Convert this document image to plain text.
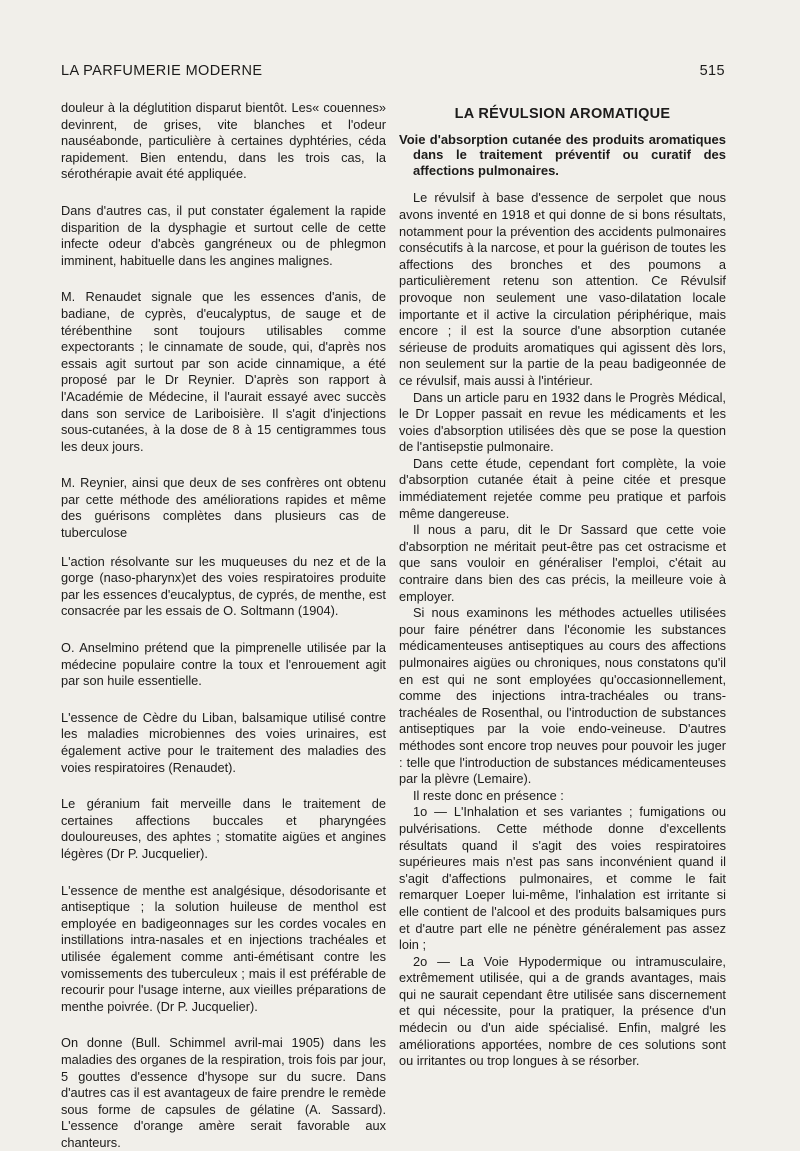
LA PARFUMERIE MODERNE	515

douleur à la déglutition disparut bientôt. Les« couennes» devinrent, de grises, vite blanches et l'odeur nauséabonde, particulière à certaines dyphtéries, céda rapidement. Bien entendu, dans les trois cas, la sérothérapie avait été appliquée.

Dans d'autres cas, il put constater également la rapide disparition de la dysphagie et surtout celle de cette infecte odeur d'abcès gangréneux ou de phlegmon imminent, habituelle dans les angines malignes.

M. Renaudet signale que les essences d'anis, de badiane, de cyprès, d'eucalyptus, de sauge et de térébenthine sont toujours utilisables comme expectorants ; le cinnamate de soude, qui, d'après nos essais agit surtout par son acide cinnamique, a été proposé par le Dr Reynier. D'après son rapport à l'Académie de Médecine, il l'aurait essayé avec succès dans son service de Lariboisière. Il s'agit d'injections sous-cutanées, à la dose de 8 à 15 centigrammes tous les deux jours.

M. Reynier, ainsi que deux de ses confrères ont obtenu par cette méthode des améliorations rapides et même des guérisons complètes dans plusieurs cas de tuberculose

L'action résolvante sur les muqueuses du nez et de la gorge (naso-pharynx)et des voies respiratoires produite par les essences d'eucalyptus, de cyprés, de menthe, est consacrée par les essais de O. Soltmann (1904).

O. Anselmino prétend que la pimprenelle utilisée par la médecine populaire contre la toux et l'enrouement agit par son huile essentielle.

L'essence de Cèdre du Liban, balsamique utilisé contre les maladies microbiennes des voies urinaires, est également active pour le traitement des maladies des voies respiratoires (Renaudet).

Le géranium fait merveille dans le traitement de certaines affections buccales et pharyngées douloureuses, des aphtes ; stomatite aigües et angines légères (Dr P. Jucquelier).

L'essence de menthe est analgésique, désodorisante et antiseptique ; la solution huileuse de menthol est employée en badigeonnages sur les cordes vocales en instillations intra-nasales et en injections trachéales et utilisée également comme anti-émétisant contre les vomissements des tuberculeux ; mais il est préférable de recourir pour l'usage interne, aux vieilles préparations de menthe poivrée. (Dr P. Jucquelier).

On donne (Bull. Schimmel avril-mai 1905) dans les maladies des organes de la respiration, trois fois par jour, 5 gouttes d'essence d'hysope sur du sucre. Dans d'autres cas il est avantageux de faire prendre le remède sous forme de capsules de gélatine (A. Sassard). L'essence d'orange amère serait favorable aux chanteurs.

LA RÉVULSION AROMATIQUE
Voie d'absorption cutanée des produits aromatiques dans le traitement préventif ou curatif des affections pulmonaires.

Le révulsif à base d'essence de serpolet que nous avons inventé en 1918 et qui donne de si bons résultats, notamment pour la prévention des accidents pulmonaires consécutifs à la narcose, et pour la guérison de toutes les affections des bronches et des poumons a particulièrement retenu son attention. Ce Révulsif provoque non seulement une vaso-dilatation locale importante et il active la circulation périphérique, mais encore ; il est la source d'une absorption cutanée sérieuse de produits aromatiques qui agissent dès lors, non seulement sur la partie de la peau badigeonnée de ce révulsif, mais aussi à l'intérieur.

Dans un article paru en 1932 dans le Progrès Médical, le Dr Lopper passait en revue les médicaments et les voies d'absorption utilisées dès que se pose la question de l'antisepstie pulmonaire.

Dans cette étude, cependant fort complète, la voie d'absorption cutanée était à peine citée et presque immédiatement rejetée comme peu pratique et parfois même dangereuse.

Il nous a paru, dit le Dr Sassard que cette voie d'absorption ne méritait peut-être pas cet ostracisme et que sans vouloir en généraliser l'emploi, c'était au contraire dans bien des cas précis, la meilleure voie à employer.

Si nous examinons les méthodes actuelles utilisées pour faire pénétrer dans l'économie les substances médicamenteuses antiseptiques au cours des affections pulmonaires aigües ou chroniques, nous constatons qu'il en est qui ne sont employées qu'occasionnellement, comme des injections intra-trachéales ou trans-trachéales de Rosenthal, ou l'introduction de substances antiseptiques par la voie endo-veineuse. D'autres méthodes sont encore trop neuves pour pouvoir les juger : telle que l'introduction de substances médicamenteuses par la plèvre (Lemaire).

Il reste donc en présence :

1o — L'Inhalation et ses variantes ; fumigations ou pulvérisations. Cette méthode donne d'excellents résultats quand il s'agit des voies respiratoires supérieures mais n'est pas sans inconvénient quand il s'agit d'affections pulmonaires, et comme le fait remarquer Loeper lui-même, l'inhalation est irritante si elle contient de l'alcool et des produits balsamiques purs et d'autre part elle ne pénètre généralement pas assez loin ;

2o — La Voie Hypodermique ou intramusculaire, extrêmement utilisée, qui a de grands avantages, mais qui ne saurait cependant être utilisée sans discernement et qui nécessite, pour la pratiquer, la présence d'un médecin ou d'un aide spécialisé. Enfin, malgré les améliorations apportées, nombre de ces solutions sont ou irritantes ou trop longues à se résorber.
